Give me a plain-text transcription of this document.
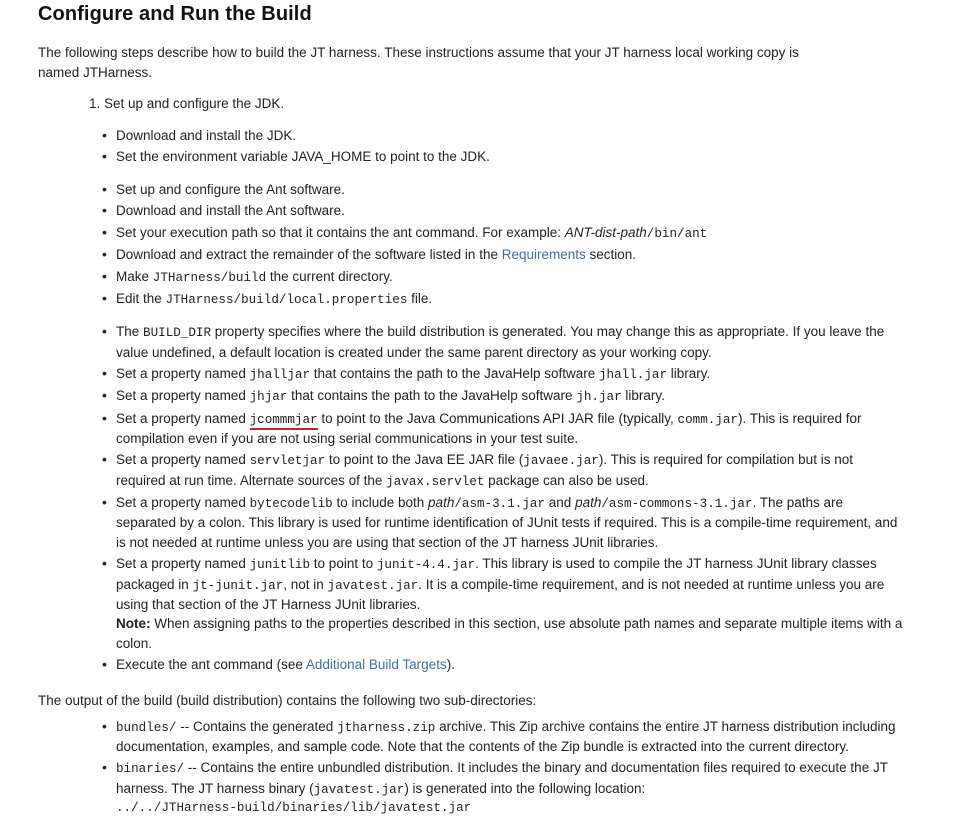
Configure and Run the Build

The following steps describe how to build the JT harness. These instructions assume that your JT harness local working copy is named JTHarness.

1. Set up and configure the JDK.
• Download and install the JDK.
• Set the environment variable JAVA_HOME to point to the JDK.
• Set up and configure the Ant software.
• Download and install the Ant software.
• Set your execution path so that it contains the ant command. For example: ANT-dist-path/bin/ant
• Download and extract the remainder of the software listed in the Requirements section.
• Make JTHarness/build the current directory.
• Edit the JTHarness/build/local.properties file.
• The BUILD_DIR property specifies where the build distribution is generated. You may change this as appropriate. If you leave the value undefined, a default location is created under the same parent directory as your working copy.
• Set a property named jhalljar that contains the path to the JavaHelp software jhall.jar library.
• Set a property named jhjar that contains the path to the JavaHelp software jh.jar library.
• Set a property named jcommmjar to point to the Java Communications API JAR file (typically, comm.jar). This is required for compilation even if you are not using serial communications in your test suite.
• Set a property named servletjar to point to the Java EE JAR file (javaee.jar). This is required for compilation but is not required at run time. Alternate sources of the javax.servlet package can also be used.
• Set a property named bytecodelib to include both path/asm-3.1.jar and path/asm-commons-3.1.jar. The paths are separated by a colon. This library is used for runtime identification of JUnit tests if required. This is a compile-time requirement, and is not needed at runtime unless you are using that section of the JT harness JUnit libraries.
• Set a property named junitlib to point to junit-4.4.jar. This library is used to compile the JT harness JUnit library classes packaged in jt-junit.jar, not in javatest.jar. It is a compile-time requirement, and is not needed at runtime unless you are using that section of the JT Harness JUnit libraries.
Note: When assigning paths to the properties described in this section, use absolute path names and separate multiple items with a colon.
• Execute the ant command (see Additional Build Targets).

The output of the build (build distribution) contains the following two sub-directories:

• bundles/ -- Contains the generated jtharness.zip archive. This Zip archive contains the entire JT harness distribution including documentation, examples, and sample code. Note that the contents of the Zip bundle is extracted into the current directory.
• binaries/ -- Contains the entire unbundled distribution. It includes the binary and documentation files required to execute the JT harness. The JT harness binary (javatest.jar) is generated into the following location:
../../JTHarness-build/binaries/lib/javatest.jar
